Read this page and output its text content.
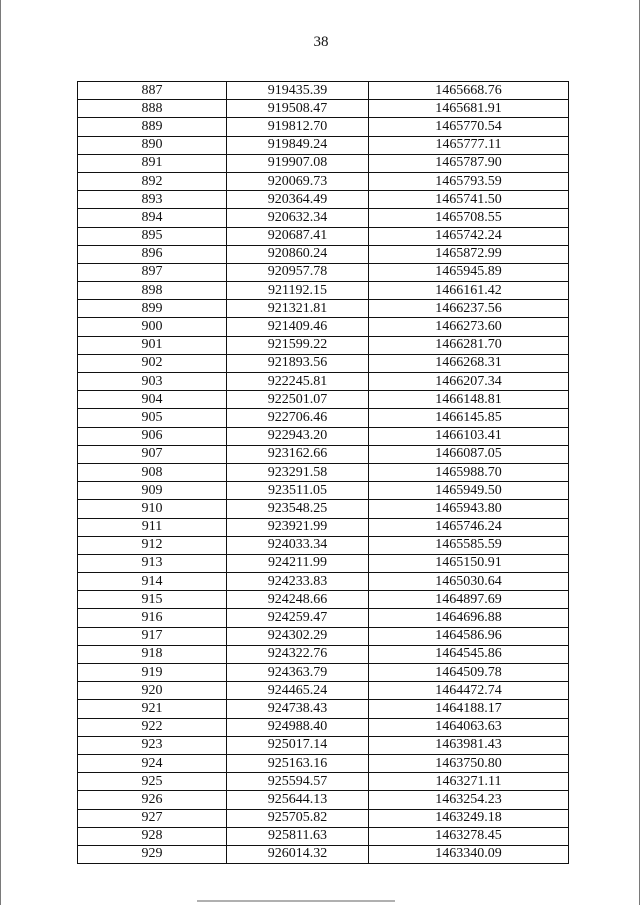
38
887	919435.39	1465668.76
888	919508.47	1465681.91
889	919812.70	1465770.54
890	919849.24	1465777.11
891	919907.08	1465787.90
892	920069.73	1465793.59
893	920364.49	1465741.50
894	920632.34	1465708.55
895	920687.41	1465742.24
896	920860.24	1465872.99
897	920957.78	1465945.89
898	921192.15	1466161.42
899	921321.81	1466237.56
900	921409.46	1466273.60
901	921599.22	1466281.70
902	921893.56	1466268.31
903	922245.81	1466207.34
904	922501.07	1466148.81
905	922706.46	1466145.85
906	922943.20	1466103.41
907	923162.66	1466087.05
908	923291.58	1465988.70
909	923511.05	1465949.50
910	923548.25	1465943.80
911	923921.99	1465746.24
912	924033.34	1465585.59
913	924211.99	1465150.91
914	924233.83	1465030.64
915	924248.66	1464897.69
916	924259.47	1464696.88
917	924302.29	1464586.96
918	924322.76	1464545.86
919	924363.79	1464509.78
920	924465.24	1464472.74
921	924738.43	1464188.17
922	924988.40	1464063.63
923	925017.14	1463981.43
924	925163.16	1463750.80
925	925594.57	1463271.11
926	925644.13	1463254.23
927	925705.82	1463249.18
928	925811.63	1463278.45
929	926014.32	1463340.09
